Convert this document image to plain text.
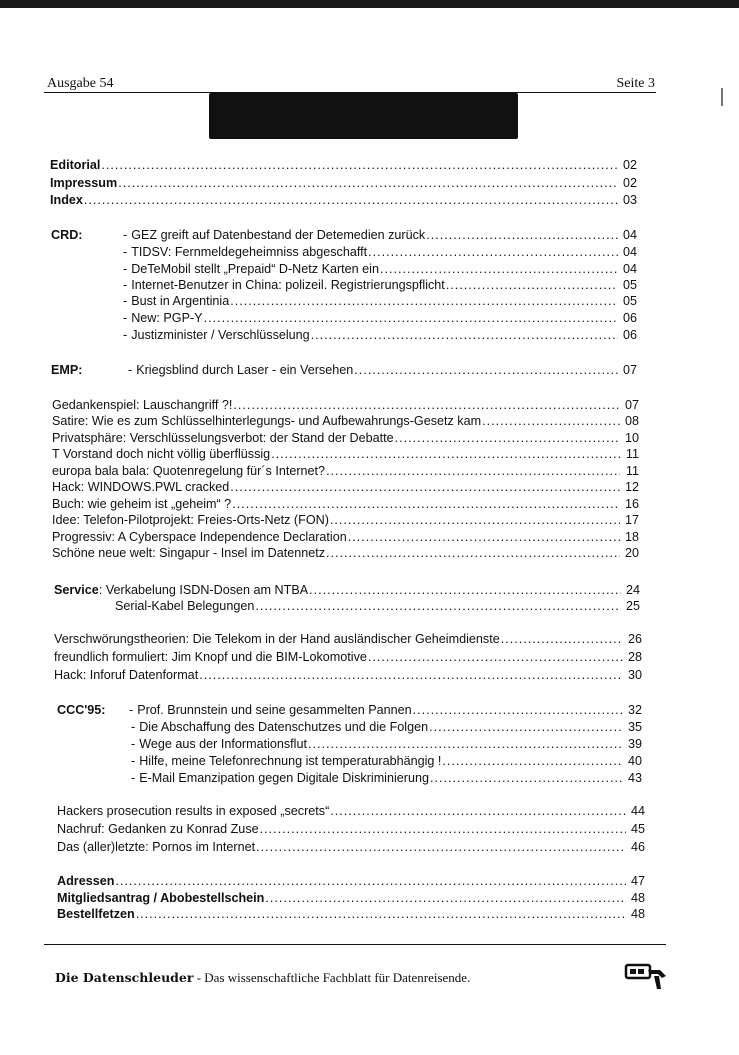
Ausgabe 54	Seite 3
Editorial .....	02
Impressum .....	02
Index .....	03
CRD:	- GEZ greift auf Datenbestand der Detemedien zurück .....	04
- TIDSV: Fernmeldegeheimniss abgeschafft .....	04
- DeTeMobil stellt „Prepaid“ D-Netz Karten ein .....	04
- Internet-Benutzer in China: polizeil. Registrierungspflicht .....	05
- Bust in Argentinia .....	05
- New: PGP-Y .....	06
- Justizminister / Verschlüsselung .....	06
EMP:	- Kriegsblind durch Laser - ein Versehen .....	07
Gedankenspiel: Lauschangriff ?! .....	07
Satire: Wie es zum Schlüsselhinterlegungs- und Aufbewahrungs-Gesetz kam .....	08
Privatsphäre: Verschlüsselungsverbot: der Stand der Debatte .....	10
T Vorstand doch nicht völlig überflüssig .....	11
europa bala bala: Quotenregelung für´s Internet? .....	11
Hack: WINDOWS.PWL cracked .....	12
Buch: wie geheim ist „geheim“ ? .....	16
Idee: Telefon-Pilotprojekt: Freies-Orts-Netz (FON) .....	17
Progressiv: A Cyberspace Independence Declaration .....	18
Schöne neue welt: Singapur - Insel im Datennetz .....	20
Service : Verkabelung ISDN-Dosen am NTBA .....	24
Serial-Kabel Belegungen .....	25
Verschwörungstheorien: Die Telekom in der Hand ausländischer Geheimdienste .....	26
freundlich formuliert: Jim Knopf und die BIM-Lokomotive .....	28
Hack: Inforuf Datenformat .....	30
CCC'95:	- Prof. Brunnstein und seine gesammelten Pannen .....	32
- Die Abschaffung des Datenschutzes und die Folgen .....	35
- Wege aus der Informationsflut .....	39
- Hilfe, meine Telefonrechnung ist temperaturabhängig ! .....	40
- E-Mail Emanzipation gegen Digitale Diskriminierung .....	43
Hackers prosecution results in exposed „secrets“ .....	44
Nachruf: Gedanken zu Konrad Zuse .....	45
Das (aller)letzte: Pornos im Internet .....	46
Adressen .....	47
Mitgliedsantrag / Abobestellschein .....	48
Bestellfetzen .....	48
Die Datenschleuder - Das wissenschaftliche Fachblatt für Datenreisende.
